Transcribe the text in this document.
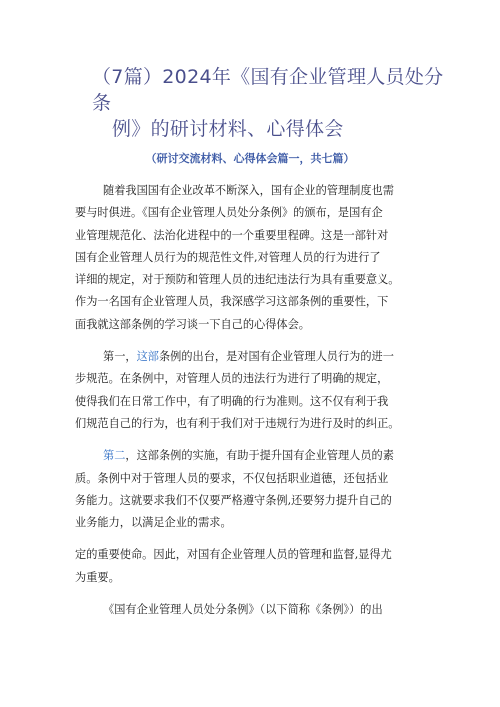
（7篇）2024年《国有企业管理人员处分条
例》的研讨材料、心得体会

（研讨交流材料、心得体会篇一，共七篇）

随着我国国有企业改革不断深入，国有企业的管理制度也需
要与时俱进。《国有企业管理人员处分条例》的颁布，是国有企
业管理规范化、法治化进程中的一个重要里程碑。这是一部针对
国有企业管理人员行为的规范性文件,对管理人员的行为进行了
详细的规定，对于预防和管理人员的违纪违法行为具有重要意义。
作为一名国有企业管理人员，我深感学习这部条例的重要性，下
面我就这部条例的学习谈一下自己的心得体会。
第一，这部条例的出台，是对国有企业管理人员行为的进一
步规范。在条例中，对管理人员的违法行为进行了明确的规定，
使得我们在日常工作中，有了明确的行为准则。这不仅有利于我
们规范自己的行为，也有利于我们对于违规行为进行及时的纠正。
第二，这部条例的实施，有助于提升国有企业管理人员的素
质。条例中对于管理人员的要求，不仅包括职业道德，还包括业
务能力。这就要求我们不仅要严格遵守条例,还要努力提升自己的
业务能力，以满足企业的需求。
定的重要使命。因此，对国有企业管理人员的管理和监督,显得尤
为重要。
《国有企业管理人员处分条例》（以下简称《条例》）的出
